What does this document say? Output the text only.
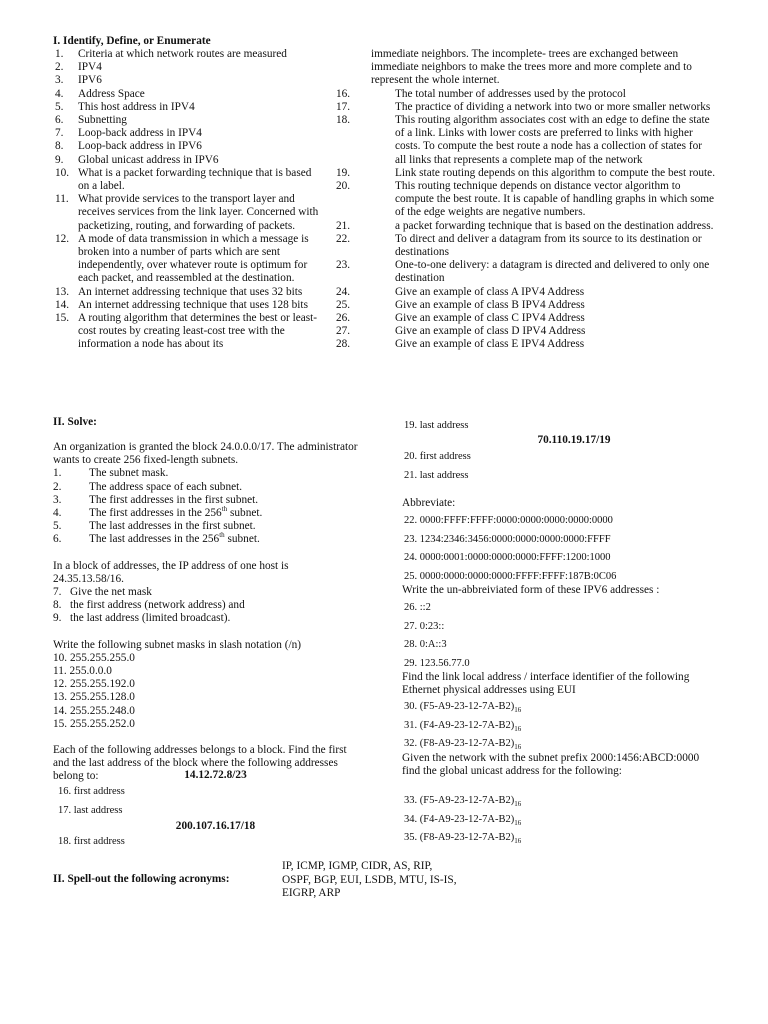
I. Identify, Define, or Enumerate
1.	Criteria at which network routes are measured
2.	IPV4
3.	IPV6
4.	Address Space
5.	This host address in IPV4
6.	Subnetting
7.	Loop-back address in IPV4
8.	Loop-back address in IPV6
9.	Global unicast address in IPV6
10. What is a packet forwarding technique that is based on a label.
11. What provide services to the transport layer and receives services from the link layer. Concerned with packetizing, routing, and forwarding of packets.
12. A mode of data transmission in which a message is broken into a number of parts which are sent independently, over whatever route is optimum for each packet, and reassembled at the destination.
13. An internet addressing technique that uses 32 bits
14. An internet addressing technique that uses 128 bits
15. A routing algorithm that determines the best or least-cost routes by creating least-cost tree with the information a node has about its
immediate neighbors. The incomplete- trees are exchanged between immediate neighbors to make the trees more and more complete and to represent the whole internet.
16.	The total number of addresses used by the protocol
17.	The practice of dividing a network into two or more smaller networks
18.	This routing algorithm associates cost with an edge to define the state of a link. Links with lower costs are preferred to links with higher costs. To compute the best route a node has a collection of states for all links that represents a complete map of the network
19.	Link state routing depends on this algorithm to compute the best route.
20.	This routing technique depends on distance vector algorithm to compute the best route. It is capable of handling graphs in which some of the edge weights are negative numbers.
21.	a packet forwarding technique that is based on the destination address.
22.	To direct and deliver a datagram from its source to its destination or destinations
23.	One-to-one delivery: a datagram is directed and delivered to only one destination
24.	Give an example of class A IPV4 Address
25.	Give an example of class B IPV4 Address
26.	Give an example of class C IPV4 Address
27.	Give an example of class D IPV4 Address
28.	Give an example of class E IPV4 Address
II. Solve:
An organization is granted the block 24.0.0.0/17. The administrator wants to create 256 fixed-length subnets.
1.	The subnet mask.
2.	The address space of each subnet.
3.	The first addresses in the first subnet.
4.	The first addresses in the 256th subnet.
5.	The last addresses in the first subnet.
6.	The last addresses in the 256th subnet.
In a block of addresses, the IP address of one host is 24.35.13.58/16.
7. Give the net mask
8. the first address (network address) and
9. the last address (limited broadcast).
Write the following subnet masks in slash notation (/n)
10. 255.255.255.0
11. 255.0.0.0
12. 255.255.192.0
13. 255.255.128.0
14. 255.255.248.0
15. 255.255.252.0
Each of the following addresses belongs to a block. Find the first and the last address of the block where the following addresses belong to:	14.12.72.8/23
16. first address
17. last address
200.107.16.17/18
18. first address
19. last address
70.110.19.17/19
20. first address
21. last address
Abbreviate:
22. 0000:FFFF:FFFF:0000:0000:0000:0000:0000
23. 1234:2346:3456:0000:0000:0000:0000:FFFF
24. 0000:0001:0000:0000:0000:FFFF:1200:1000
25. 0000:0000:0000:0000:FFFF:FFFF:187B:0C06
Write the un-abbreiviated form of these IPV6 addresses :
26. ::2
27. 0:23::
28. 0:A::3
29. 123.56.77.0
Find the link local address / interface identifier of the following Ethernet physical addresses using EUI
30. $(F5-A9-23-12-7A-B2)_{16}$
31. $(F4-A9-23-12-7A-B2)_{16}$
32. $(F8-A9-23-12-7A-B2)_{16}$
Given the network with the subnet prefix 2000:1456:ABCD:0000 find the global unicast address for the following:
33. $(F5-A9-23-12-7A-B2)_{16}$
34. $(F4-A9-23-12-7A-B2)_{16}$
35. $(F8-A9-23-12-7A-B2)_{16}$
II. Spell-out the following acronyms:
IP, ICMP, IGMP, CIDR, AS, RIP,
OSPF, BGP, EUI, LSDB, MTU, IS-IS,
EIGRP, ARP
